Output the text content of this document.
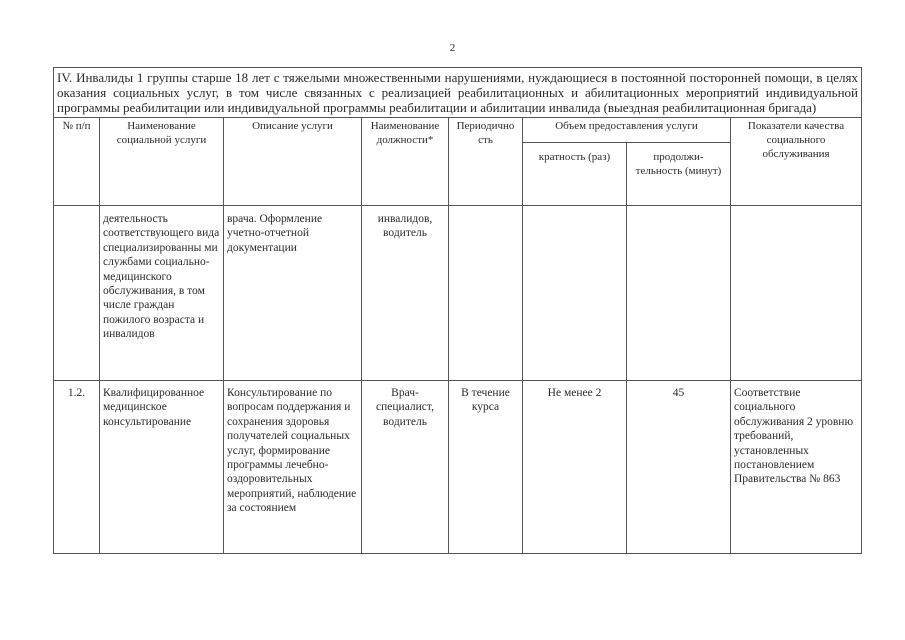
2
IV. Инвалиды 1 группы старше 18 лет с тяжелыми множественными нарушениями, нуждающиеся в постоянной посторонней помощи, в целях оказания социальных услуг, в том числе связанных с реализацией реабилитационных и абилитационных мероприятий индивидуальной программы реабилитации или индивидуальной программы реабилитации и абилитации инвалида (выездная реабилитационная бригада)							
№ п/п	Наименование социальной услуги	Описание услуги	Наименование должности*	Периодично сть	Объем предоставления услуги		Показатели качества социального обслуживания
					кратность (раз)	продолжи- тельность (минут)	
	деятельность соответствующего вида специализированны ми службами социально-медицинского обслуживания, в том числе граждан пожилого возраста и инвалидов	врача. Оформление учетно-отчетной документации	инвалидов, водитель				
1.2.	Квалифицированное медицинское консультирование	Консультирование по вопросам поддержания и сохранения здоровья получателей социальных услуг, формирование программы лечебно-оздоровительных мероприятий, наблюдение за состоянием	Врач-специалист, водитель	В течение курса	Не менее 2	45	Соответствие социального обслуживания 2 уровню требований, установленных постановлением Правительства № 863
